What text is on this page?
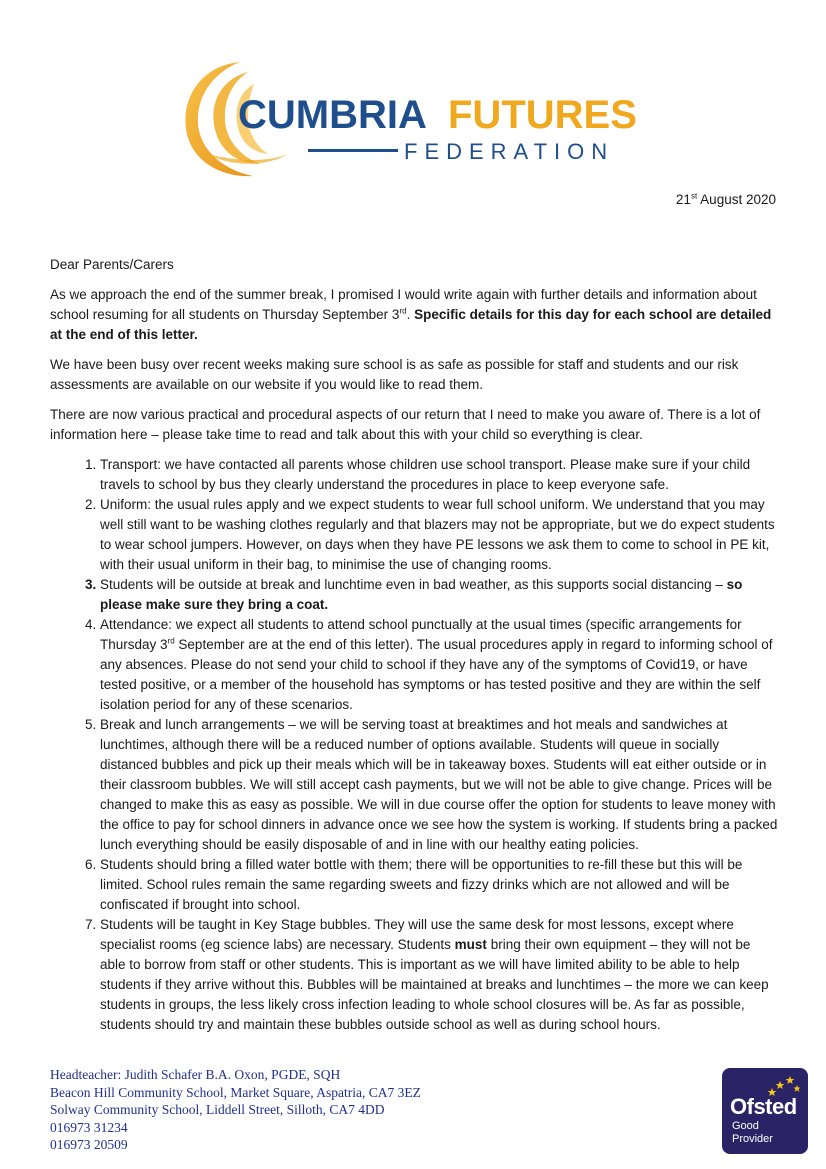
CUMBRIA FUTURES
FEDERATION
21st August 2020

Dear Parents/Carers

As we approach the end of the summer break, I promised I would write again with further details and information about school resuming for all students on Thursday September 3rd. Specific details for this day for each school are detailed at the end of this letter.

We have been busy over recent weeks making sure school is as safe as possible for staff and students and our risk assessments are available on our website if you would like to read them.

There are now various practical and procedural aspects of our return that I need to make you aware of. There is a lot of information here – please take time to read and talk about this with your child so everything is clear.

1. Transport: we have contacted all parents whose children use school transport. Please make sure if your child travels to school by bus they clearly understand the procedures in place to keep everyone safe.
2. Uniform: the usual rules apply and we expect students to wear full school uniform. We understand that you may well still want to be washing clothes regularly and that blazers may not be appropriate, but we do expect students to wear school jumpers. However, on days when they have PE lessons we ask them to come to school in PE kit, with their usual uniform in their bag, to minimise the use of changing rooms.
3. Students will be outside at break and lunchtime even in bad weather, as this supports social distancing – so please make sure they bring a coat.
4. Attendance: we expect all students to attend school punctually at the usual times (specific arrangements for Thursday 3rd September are at the end of this letter). The usual procedures apply in regard to informing school of any absences. Please do not send your child to school if they have any of the symptoms of Covid19, or have tested positive, or a member of the household has symptoms or has tested positive and they are within the self isolation period for any of these scenarios.
5. Break and lunch arrangements – we will be serving toast at breaktimes and hot meals and sandwiches at lunchtimes, although there will be a reduced number of options available. Students will queue in socially distanced bubbles and pick up their meals which will be in takeaway boxes. Students will eat either outside or in their classroom bubbles. We will still accept cash payments, but we will not be able to give change. Prices will be changed to make this as easy as possible. We will in due course offer the option for students to leave money with the office to pay for school dinners in advance once we see how the system is working. If students bring a packed lunch everything should be easily disposable of and in line with our healthy eating policies.
6. Students should bring a filled water bottle with them; there will be opportunities to re-fill these but this will be limited. School rules remain the same regarding sweets and fizzy drinks which are not allowed and will be confiscated if brought into school.
7. Students will be taught in Key Stage bubbles. They will use the same desk for most lessons, except where specialist rooms (eg science labs) are necessary. Students must bring their own equipment – they will not be able to borrow from staff or other students. This is important as we will have limited ability to be able to help students if they arrive without this. Bubbles will be maintained at breaks and lunchtimes – the more we can keep students in groups, the less likely cross infection leading to whole school closures will be. As far as possible, students should try and maintain these bubbles outside school as well as during school hours.
Headteacher: Judith Schafer B.A. Oxon, PGDE, SQH
Beacon Hill Community School, Market Square, Aspatria, CA7 3EZ
Solway Community School, Liddell Street, Silloth, CA7 4DD
016973 31234
016973 20509
Ofsted
Good
Provider
